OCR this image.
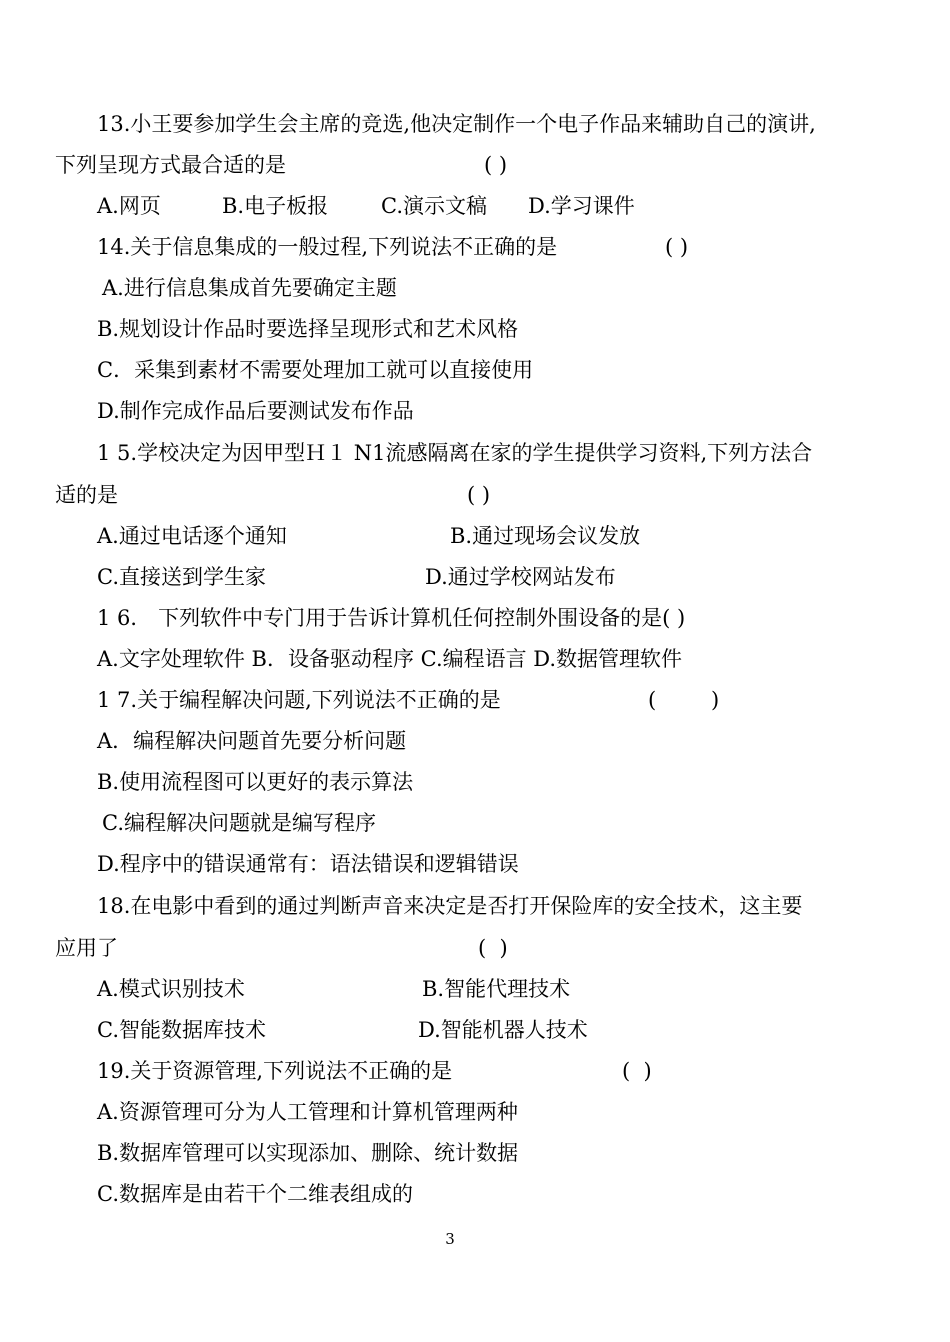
13.小王要参加学生会主席的竞选,他决定制作一个电子作品来辅助自己的演讲,
下列呈现方式最合适的是	( )
A.网页	B.电子板报	C.演示文稿 D.学习课件
14.关于信息集成的一般过程,下列说法不正确的是	( )
A.进行信息集成首先要确定主题
B.规划设计作品时要选择呈现形式和艺术风格
C．采集到素材不需要处理加工就可以直接使用
D.制作完成作品后要测试发布作品
1 5.学校决定为因甲型Ｈ１ N1流感隔离在家的学生提供学习资料,下列方法合
适的是	( )
A.通过电话逐个通知	B.通过现场会议发放
C.直接送到学生家	D.通过学校网站发布
1 6． 下列软件中专门用于告诉计算机任何控制外围设备的是( )
A.文字处理软件 B．设备驱动程序 C.编程语言 D.数据管理软件
1 7.关于编程解决问题,下列说法不正确的是	(	)
A．编程解决问题首先要分析问题
B.使用流程图可以更好的表示算法
C.编程解决问题就是编写程序
D.程序中的错误通常有：语法错误和逻辑错误
18.在电影中看到的通过判断声音来决定是否打开保险库的安全技术，这主要
应用了	(  )
A.模式识别技术	B.智能代理技术
C.智能数据库技术	D.智能机器人技术
19.关于资源管理,下列说法不正确的是	(  )
A.资源管理可分为人工管理和计算机管理两种
B.数据库管理可以实现添加、删除、统计数据
C.数据库是由若干个二维表组成的
3
